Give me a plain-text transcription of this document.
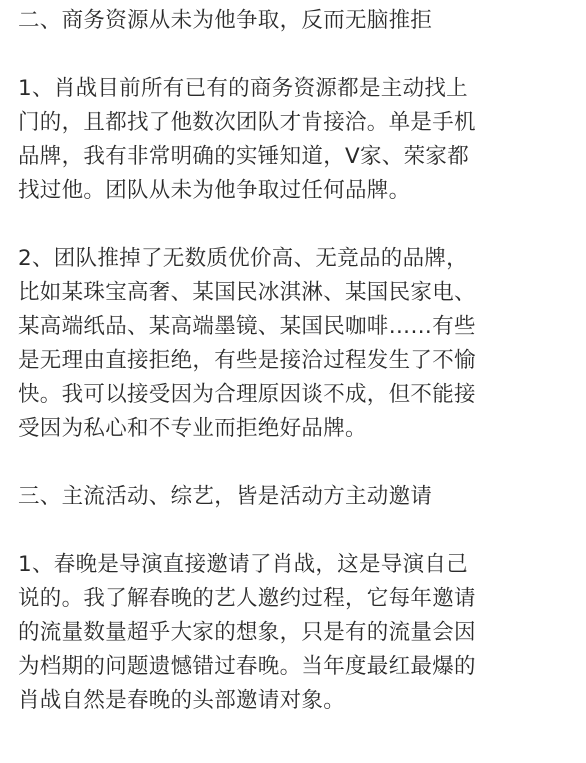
二、商务资源从未为他争取，反而无脑推拒

1、肖战目前所有已有的商务资源都是主动找上
门的，且都找了他数次团队才肯接洽。单是手机
品牌，我有非常明确的实锤知道，V家、荣家都
找过他。团队从未为他争取过任何品牌。

2、团队推掉了无数质优价高、无竞品的品牌，
比如某珠宝高奢、某国民冰淇淋、某国民家电、
某高端纸品、某高端墨镜、某国民咖啡……有些
是无理由直接拒绝，有些是接洽过程发生了不愉
快。我可以接受因为合理原因谈不成，但不能接
受因为私心和不专业而拒绝好品牌。

三、主流活动、综艺，皆是活动方主动邀请

1、春晚是导演直接邀请了肖战，这是导演自己
说的。我了解春晚的艺人邀约过程，它每年邀请
的流量数量超乎大家的想象，只是有的流量会因
为档期的问题遗憾错过春晚。当年度最红最爆的
肖战自然是春晚的头部邀请对象。
